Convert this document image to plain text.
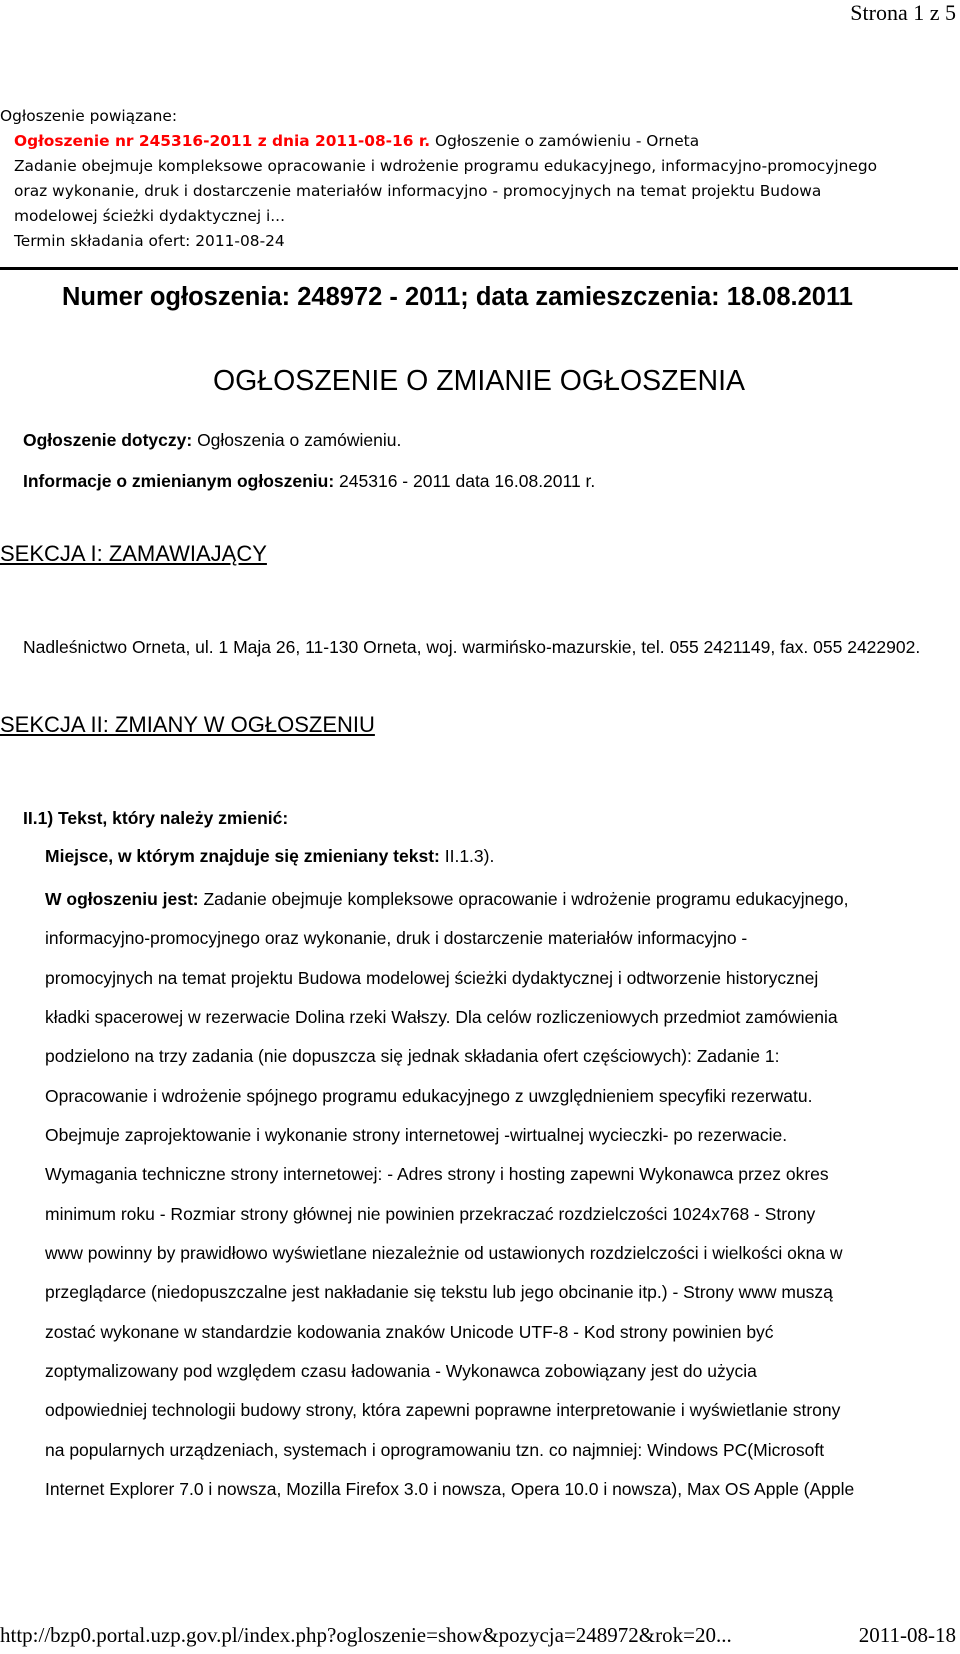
Strona 1 z 5
Ogłoszenie powiązane:
Ogłoszenie nr 245316-2011 z dnia 2011-08-16 r. Ogłoszenie o zamówieniu - Orneta
Zadanie obejmuje kompleksowe opracowanie i wdrożenie programu edukacyjnego, informacyjno-promocyjnego
oraz wykonanie, druk i dostarczenie materiałów informacyjno - promocyjnych na temat projektu Budowa
modelowej ścieżki dydaktycznej i...
Termin składania ofert: 2011-08-24
Numer ogłoszenia: 248972 - 2011; data zamieszczenia: 18.08.2011
OGŁOSZENIE O ZMIANIE OGŁOSZENIA
Ogłoszenie dotyczy: Ogłoszenia o zamówieniu.
Informacje o zmienianym ogłoszeniu: 245316 - 2011 data 16.08.2011 r.
SEKCJA I: ZAMAWIAJĄCY
Nadleśnictwo Orneta, ul. 1 Maja 26, 11-130 Orneta, woj. warmińsko-mazurskie, tel. 055 2421149, fax. 055 2422902.
SEKCJA II: ZMIANY W OGŁOSZENIU
II.1) Tekst, który należy zmienić:
Miejsce, w którym znajduje się zmieniany tekst: II.1.3).
W ogłoszeniu jest: Zadanie obejmuje kompleksowe opracowanie i wdrożenie programu edukacyjnego,
informacyjno-promocyjnego oraz wykonanie, druk i dostarczenie materiałów informacyjno -
promocyjnych na temat projektu Budowa modelowej ścieżki dydaktycznej i odtworzenie historycznej
kładki spacerowej w rezerwacie Dolina rzeki Wałszy. Dla celów rozliczeniowych przedmiot zamówienia
podzielono na trzy zadania (nie dopuszcza się jednak składania ofert częściowych): Zadanie 1:
Opracowanie i wdrożenie spójnego programu edukacyjnego z uwzględnieniem specyfiki rezerwatu.
Obejmuje zaprojektowanie i wykonanie strony internetowej -wirtualnej wycieczki- po rezerwacie.
Wymagania techniczne strony internetowej: - Adres strony i hosting zapewni Wykonawca przez okres
minimum roku - Rozmiar strony głównej nie powinien przekraczać rozdzielczości 1024x768 - Strony
www powinny by prawidłowo wyświetlane niezależnie od ustawionych rozdzielczości i wielkości okna w
przeglądarce (niedopuszczalne jest nakładanie się tekstu lub jego obcinanie itp.) - Strony www muszą
zostać wykonane w standardzie kodowania znaków Unicode UTF-8 - Kod strony powinien być
zoptymalizowany pod względem czasu ładowania - Wykonawca zobowiązany jest do użycia
odpowiedniej technologii budowy strony, która zapewni poprawne interpretowanie i wyświetlanie strony
na popularnych urządzeniach, systemach i oprogramowaniu tzn. co najmniej: Windows PC(Microsoft
Internet Explorer 7.0 i nowsza, Mozilla Firefox 3.0 i nowsza, Opera 10.0 i nowsza), Max OS Apple (Apple
http://bzp0.portal.uzp.gov.pl/index.php?ogloszenie=show&pozycja=248972&rok=20...	2011-08-18
